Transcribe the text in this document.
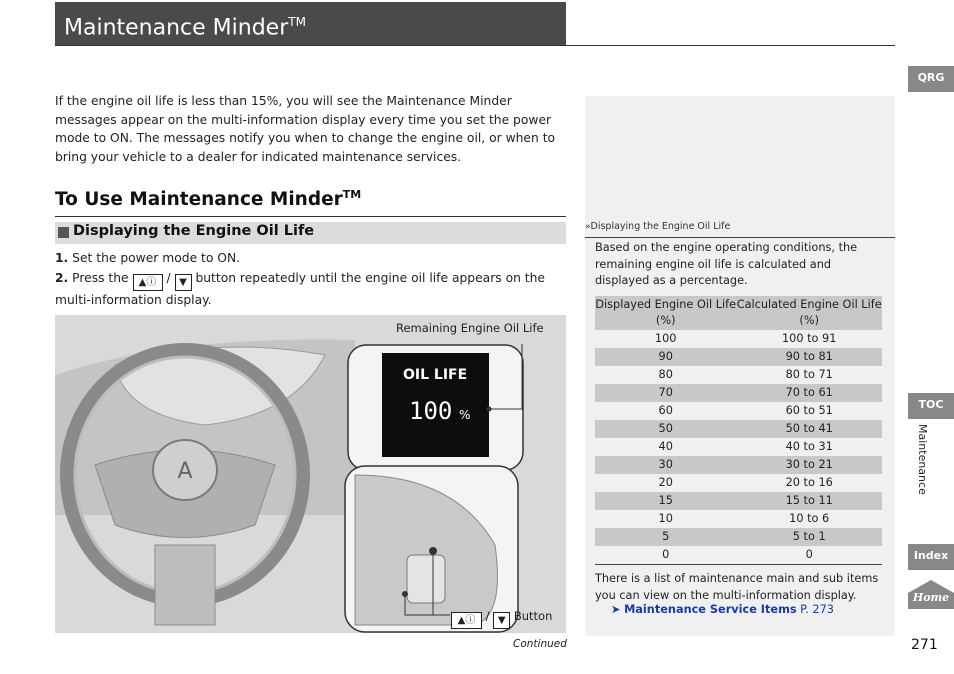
Maintenance Minder™
If the engine oil life is less than 15%, you will see the Maintenance Minder messages appear on the multi-information display every time you set the power mode to ON. The messages notify you when to change the engine oil, or when to bring your vehicle to a dealer for indicated maintenance services.
To Use Maintenance Minder™
Displaying the Engine Oil Life
1. Set the power mode to ON.
2. Press the ▲ⓘ / ▼ button repeatedly until the engine oil life appears on the multi-information display.
A
OIL LIFE
100 %
Remaining Engine Oil Life
▲ⓘ / ▼ Button
»Displaying the Engine Oil Life
Based on the engine operating conditions, the remaining engine oil life is calculated and displayed as a percentage.
Displayed Engine Oil Life (%)	Calculated Engine Oil Life (%)
100	100 to 91
90	90 to 81
80	80 to 71
70	70 to 61
60	60 to 51
50	50 to 41
40	40 to 31
30	30 to 21
20	20 to 16
15	15 to 11
10	10 to 6
5	5 to 1
0	0
There is a list of maintenance main and sub items you can view on the multi-information display.
➤ Maintenance Service Items P. 273
QRG
TOC
Maintenance
Index
Home
Continued	271
